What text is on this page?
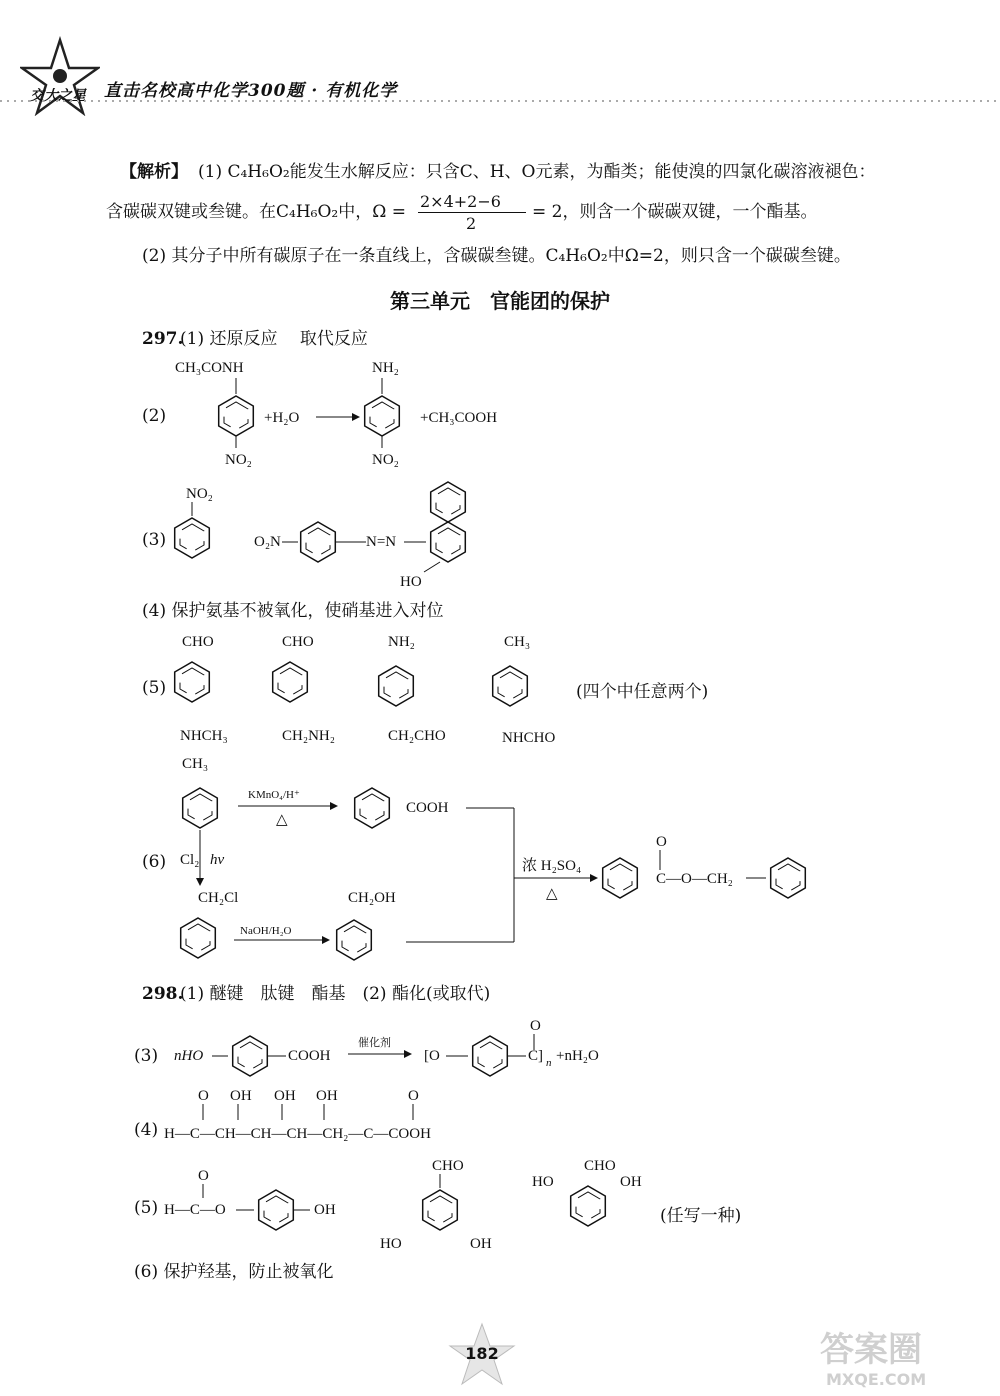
交大之星 直击名校高中化学300题 · 有机化学
【解析】 (1) C₄H₆O₂能发生水解反应：只含C、H、O元素，为酯类；能使溴的四氯化碳溶液褪色：
含碳碳双键或叁键。在C₄H₆O₂中，Ω =
2×4+2−6
2
= 2，则含一个碳碳双键，一个酯基。
(2) 其分子中所有碳原子在一条直线上，含碳碳叁键。C₄H₆O₂中Ω=2，则只含一个碳碳叁键。
第三单元　官能团的保护
297.
(1) 还原反应　 取代反应
(2)
(3)
(4) 保护氨基不被氧化，使硝基进入对位
(5)	(四个中任意两个)
(6)
CH₃CONH
NO₂
+H₂O
NH₂
NO₂
+CH₃COOH
NO₂
O₂N	N=N
HO
CHO
NHCH₃
CHO
CH₂NH₂
NH₂
CH₂CHO
CH₃
NHCHO
CH₃
KMnO₄/H⁺
△
COOH
Cl₂ hν
CH₂Cl
NaOH/H₂O
CH₂OH
浓 H₂SO₄
△
O
C—O—CH₂
298.
(1) 醚键　肽键　酯基　(2) 酯化(或取代)
(3)
(4)
(5)	(任写一种)
(6) 保护羟基，防止被氧化
nHO	COOH
催化剂
[O
O
C] n +nH₂O
O OH OH OH	O
H—C—CH—CH—CH—CH₂—C—COOH
O
H—C—O	OH
CHO
HO	OH
CHO
HO	OH
182	答案圈
MXQE.COM
